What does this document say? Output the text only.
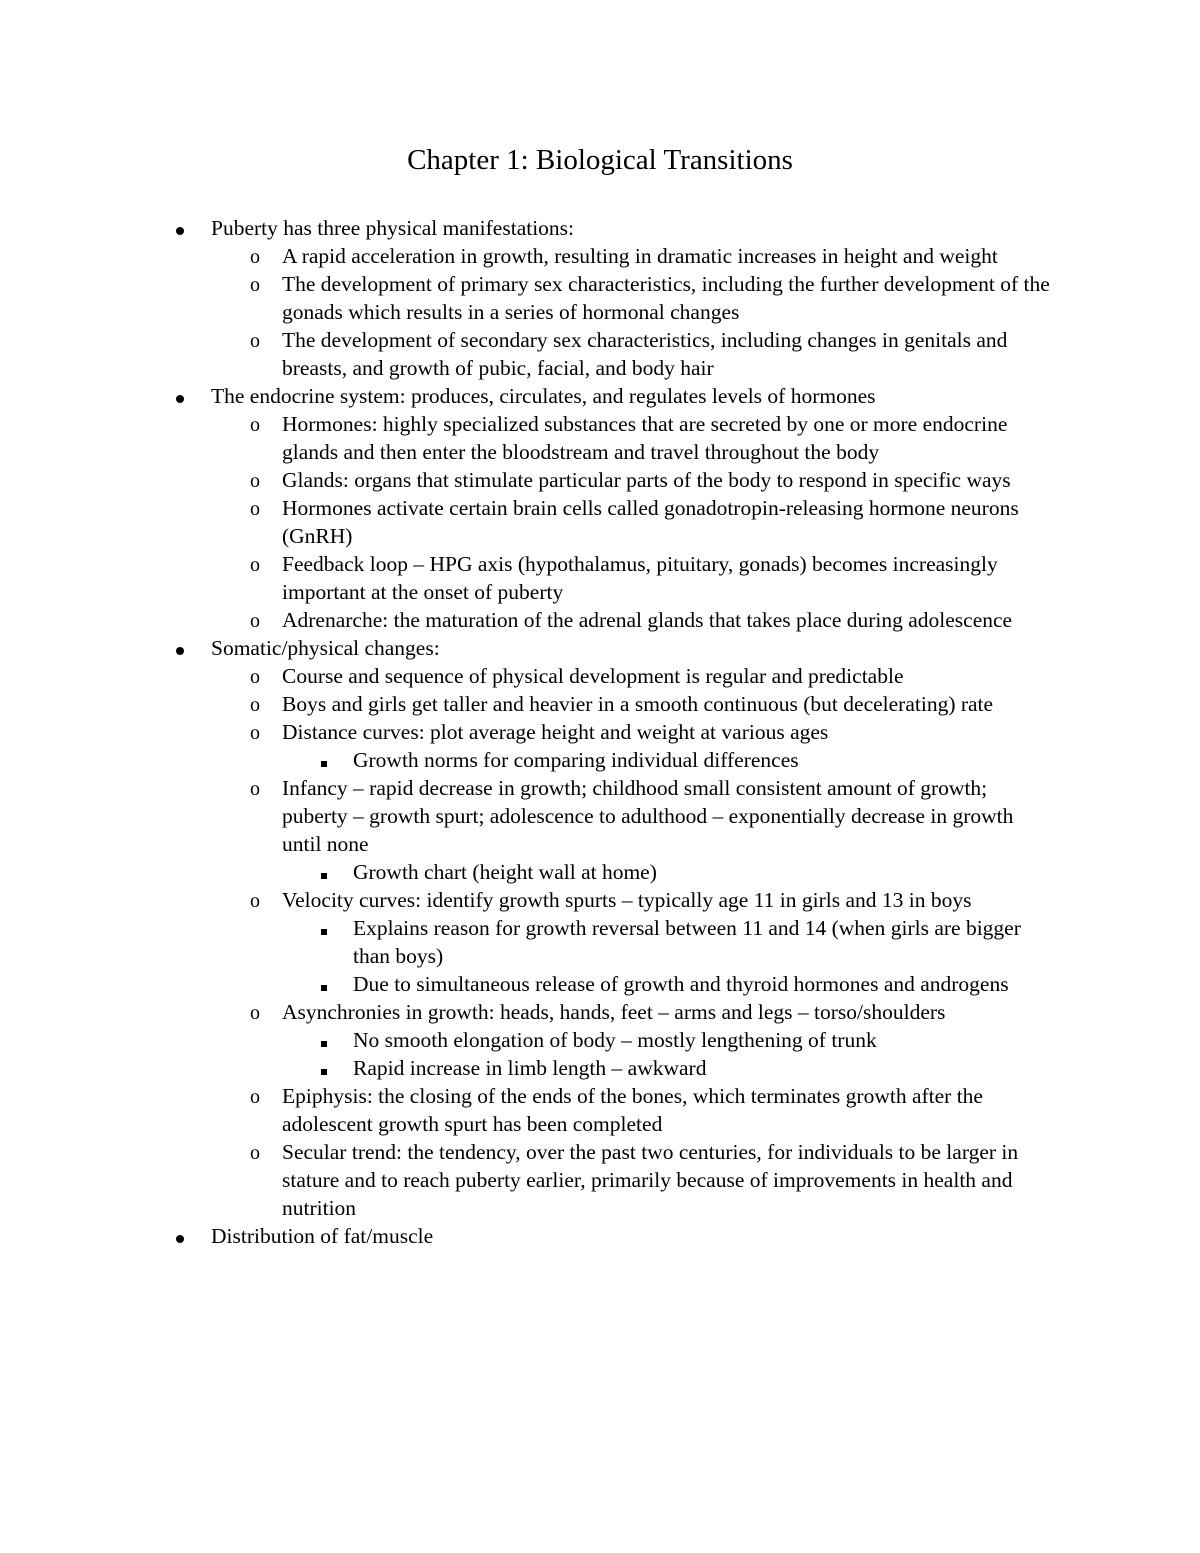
Chapter 1: Biological Transitions
Puberty has three physical manifestations:
o A rapid acceleration in growth, resulting in dramatic increases in height and weight
o The development of primary sex characteristics, including the further development of the gonads which results in a series of hormonal changes
o The development of secondary sex characteristics, including changes in genitals and breasts, and growth of pubic, facial, and body hair
The endocrine system: produces, circulates, and regulates levels of hormones
o Hormones: highly specialized substances that are secreted by one or more endocrine glands and then enter the bloodstream and travel throughout the body
o Glands: organs that stimulate particular parts of the body to respond in specific ways
o Hormones activate certain brain cells called gonadotropin-releasing hormone neurons (GnRH)
o Feedback loop – HPG axis (hypothalamus, pituitary, gonads) becomes increasingly important at the onset of puberty
o Adrenarche: the maturation of the adrenal glands that takes place during adolescence
Somatic/physical changes:
o Course and sequence of physical development is regular and predictable
o Boys and girls get taller and heavier in a smooth continuous (but decelerating) rate
o Distance curves: plot average height and weight at various ages
Growth norms for comparing individual differences
o Infancy – rapid decrease in growth; childhood small consistent amount of growth; puberty – growth spurt; adolescence to adulthood – exponentially decrease in growth until none
Growth chart (height wall at home)
o Velocity curves: identify growth spurts – typically age 11 in girls and 13 in boys
Explains reason for growth reversal between 11 and 14 (when girls are bigger than boys)
Due to simultaneous release of growth and thyroid hormones and androgens
o Asynchronies in growth: heads, hands, feet – arms and legs – torso/shoulders
No smooth elongation of body – mostly lengthening of trunk
Rapid increase in limb length – awkward
o Epiphysis: the closing of the ends of the bones, which terminates growth after the adolescent growth spurt has been completed
o Secular trend: the tendency, over the past two centuries, for individuals to be larger in stature and to reach puberty earlier, primarily because of improvements in health and nutrition
Distribution of fat/muscle
